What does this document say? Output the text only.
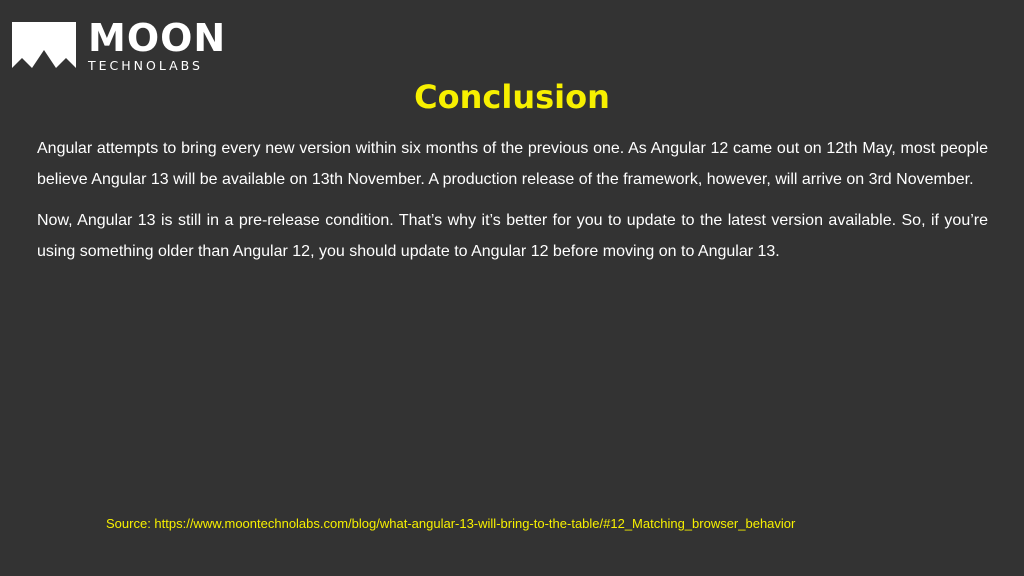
MOON
TECHNOLABS
Conclusion

Angular attempts to bring every new version within six months of the previous one. As Angular 12 came out on 12th May, most people believe Angular 13 will be available on 13th November. A production release of the framework, however, will arrive on 3rd November.

Now, Angular 13 is still in a pre-release condition. That’s why it’s better for you to update to the latest version available. So, if you’re using something older than Angular 12, you should update to Angular 12 before moving on to Angular 13.

Source: https://www.moontechnolabs.com/blog/what-angular-13-will-bring-to-the-table/#12_Matching_browser_behavior
